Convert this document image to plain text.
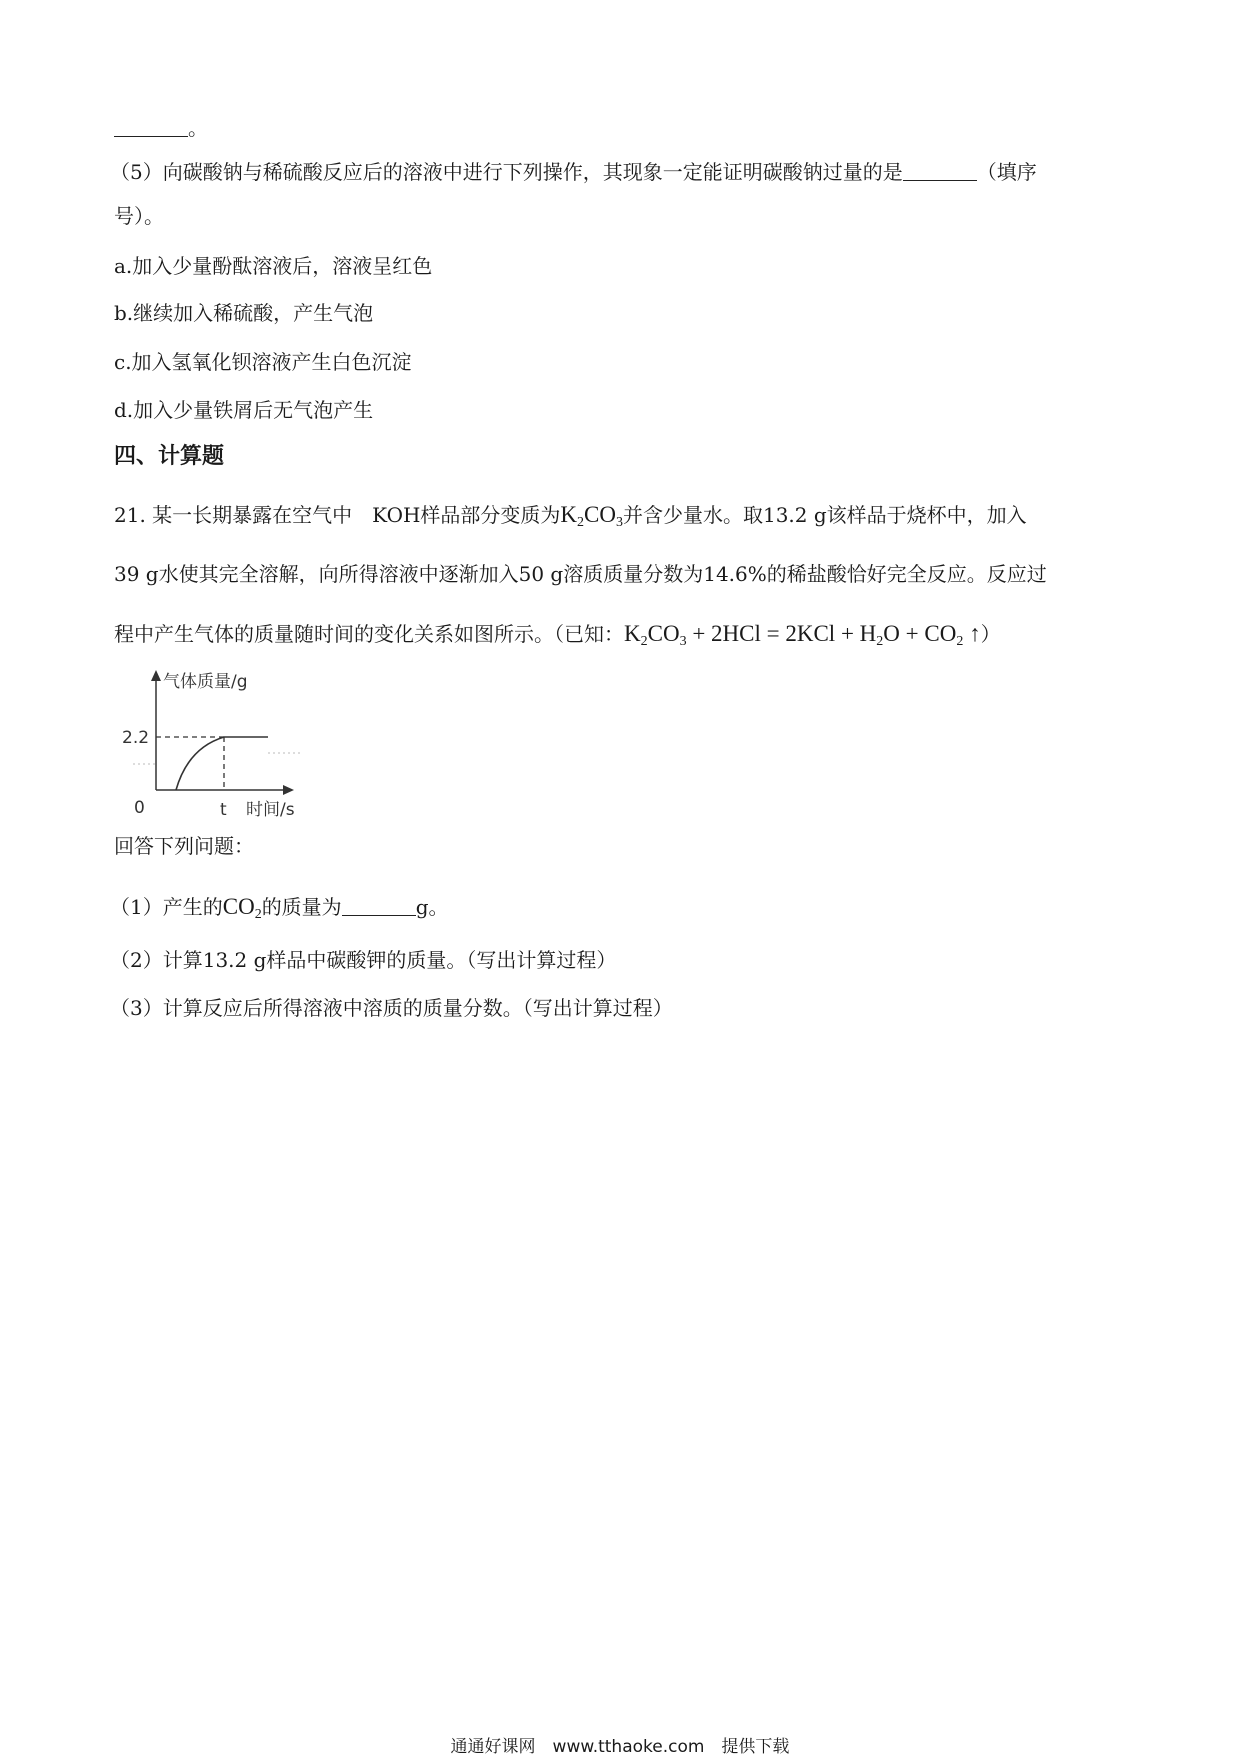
。
（5）向碳酸钠与稀硫酸反应后的溶液中进行下列操作，其现象一定能证明碳酸钠过量的是	（填序
号）。
a.加入少量酚酞溶液后，溶液呈红色
b.继续加入稀硫酸，产生气泡
c.加入氢氧化钡溶液产生白色沉淀
d.加入少量铁屑后无气泡产生
四、计算题
21. 某一长期暴露在空气中　KOH样品部分变质为$K_2CO_3$并含少量水。取13.2 g该样品于烧杯中，加入
39 g水使其完全溶解，向所得溶液中逐渐加入50 g溶质质量分数为14.6%的稀盐酸恰好完全反应。反应过
程中产生气体的质量随时间的变化关系如图所示。（已知：$K_2CO_3 + 2HCl = 2KCl + H_2O + CO_2$ ↑）
气体质量/g
2.2
0	t 时间/s
回答下列问题：
（1）产生的$CO_2$的质量为	g。
（2）计算13.2 g样品中碳酸钾的质量。（写出计算过程）
（3）计算反应后所得溶液中溶质的质量分数。（写出计算过程）
通通好课网　www.tthaoke.com　提供下载
